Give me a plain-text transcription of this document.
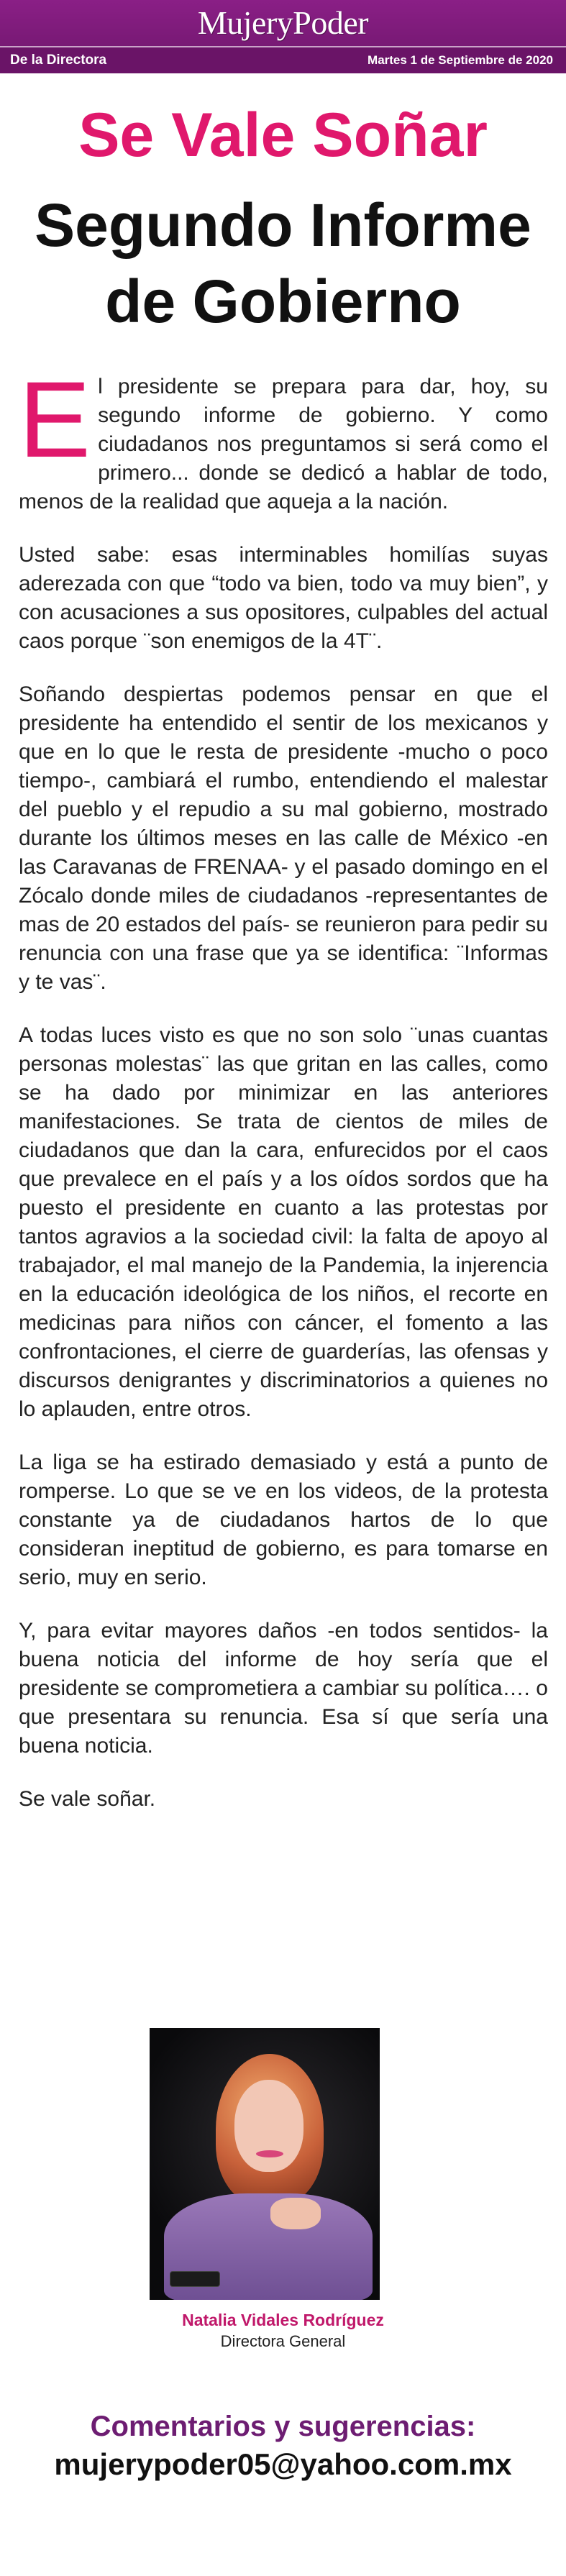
MujeryPoder
De la Directora	Martes 1 de Septiembre de 2020
Se Vale Soñar
Segundo Informe
de Gobierno

El presidente se prepara para dar, hoy, su segundo informe de gobierno. Y como ciudadanos nos preguntamos si será como el primero... donde se dedicó a hablar de todo, menos de la realidad que aqueja a la nación.

Usted sabe: esas interminables homilías suyas aderezada con que “todo va bien, todo va muy bien”, y con acusaciones a sus opositores, culpables del actual caos porque ¨son enemigos de la 4T¨.

Soñando despiertas podemos pensar en que el presidente ha entendido el sentir de los mexicanos y que en lo que le resta de presidente -mucho o poco tiempo-, cambiará el rumbo, entendiendo el malestar del pueblo y el repudio a su mal gobierno, mostrado durante los últimos meses en las calle de México -en las Caravanas de FRENAA- y el pasado domingo en el Zócalo donde miles de ciudadanos -representantes de mas de 20 estados del país- se reunieron para pedir su renuncia con una frase que ya se identifica: ¨Informas y te vas¨.

A todas luces visto es que no son solo ¨unas cuantas personas molestas¨ las que gritan en las calles, como se ha dado por minimizar en las anteriores manifestaciones. Se trata de cientos de miles de ciudadanos que dan la cara, enfurecidos por el caos que prevalece en el país y a los oídos sordos que ha puesto el presidente en cuanto a las protestas por tantos agravios a la sociedad civil: la falta de apoyo al trabajador, el mal manejo de la Pandemia, la injerencia en la educación ideológica de los niños, el recorte en medicinas para niños con cáncer, el fomento a las confrontaciones, el cierre de guarderías, las ofensas y discursos denigrantes y discriminatorios a quienes no lo aplauden, entre otros.

La liga se ha estirado demasiado y está a punto de romperse. Lo que se ve en los videos, de la protesta constante ya de ciudadanos hartos de lo que consideran ineptitud de gobierno, es para tomarse en serio, muy en serio.

Y, para evitar mayores daños -en todos sentidos- la buena noticia del informe de hoy sería que el presidente se comprometiera a cambiar su política…. o que presentara su renuncia. Esa sí que sería una buena noticia.

Se vale soñar.

Natalia Vidales Rodríguez
Directora General
Comentarios y sugerencias:
mujerypoder05@yahoo.com.mx
